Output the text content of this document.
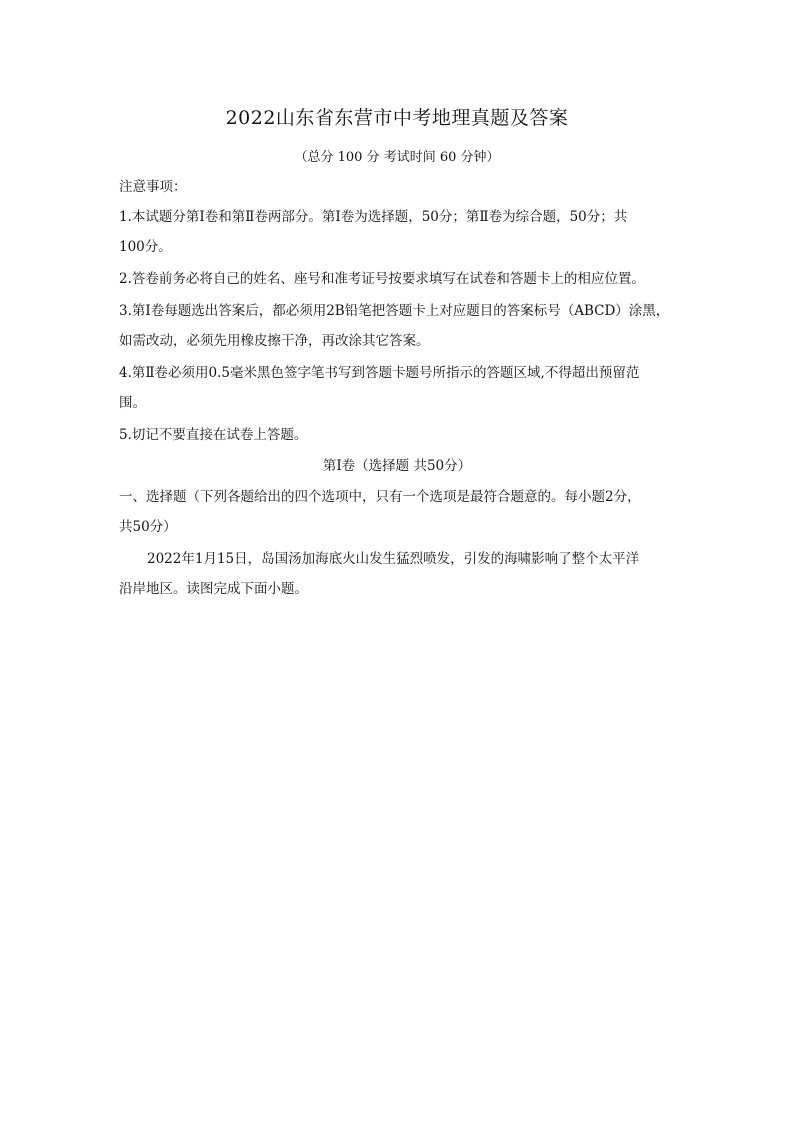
2022山东省东营市中考地理真题及答案
（总分 100 分 考试时间 60 分钟）
注意事项：
1.本试题分第Ⅰ卷和第Ⅱ卷两部分。第Ⅰ卷为选择题，50分；第Ⅱ卷为综合题，50分；共
100分。
2.答卷前务必将自己的姓名、座号和准考证号按要求填写在试卷和答题卡上的相应位置。
3.第Ⅰ卷每题选出答案后，都必须用2B铅笔把答题卡上对应题目的答案标号（ABCD）涂黑，
如需改动，必须先用橡皮擦干净，再改涂其它答案。
4.第Ⅱ卷必须用0.5毫米黑色签字笔书写到答题卡题号所指示的答题区域,不得超出预留范
围。
5.切记不要直接在试卷上答题。
第Ⅰ卷（选择题 共50分）
一、选择题（下列各题给出的四个选项中，只有一个选项是最符合题意的。每小题2分，
共50分）
2022年1月15日，岛国汤加海底火山发生猛烈喷发，引发的海啸影响了整个太平洋
沿岸地区。读图完成下面小题。
